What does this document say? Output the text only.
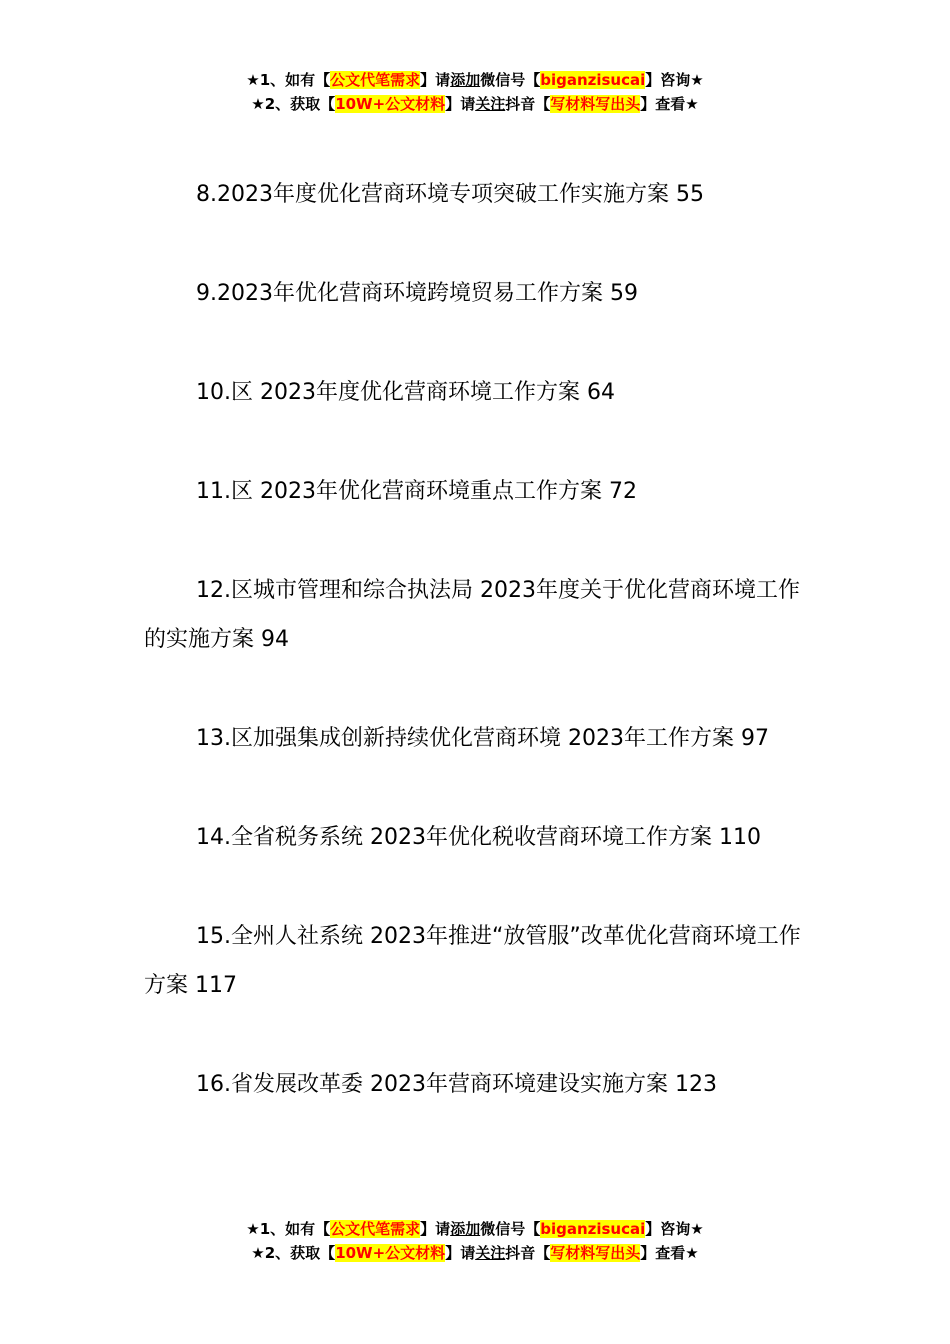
★1、如有【公文代笔需求】请添加微信号【biganzisucai】咨询★
★2、获取【10W+公文材料】请关注抖音【写材料写出头】查看★

8.2023年度优化营商环境专项突破工作实施方案 55

9.2023年优化营商环境跨境贸易工作方案 59

10.区 2023年度优化营商环境工作方案 64

11.区 2023年优化营商环境重点工作方案 72

12.区城市管理和综合执法局 2023年度关于优化营商环境工作的实施方案 94

13.区加强集成创新持续优化营商环境 2023年工作方案 97

14.全省税务系统 2023年优化税收营商环境工作方案 110

15.全州人社系统 2023年推进“放管服”改革优化营商环境工作方案 117

16.省发展改革委 2023年营商环境建设实施方案 123

★1、如有【公文代笔需求】请添加微信号【biganzisucai】咨询★
★2、获取【10W+公文材料】请关注抖音【写材料写出头】查看★
